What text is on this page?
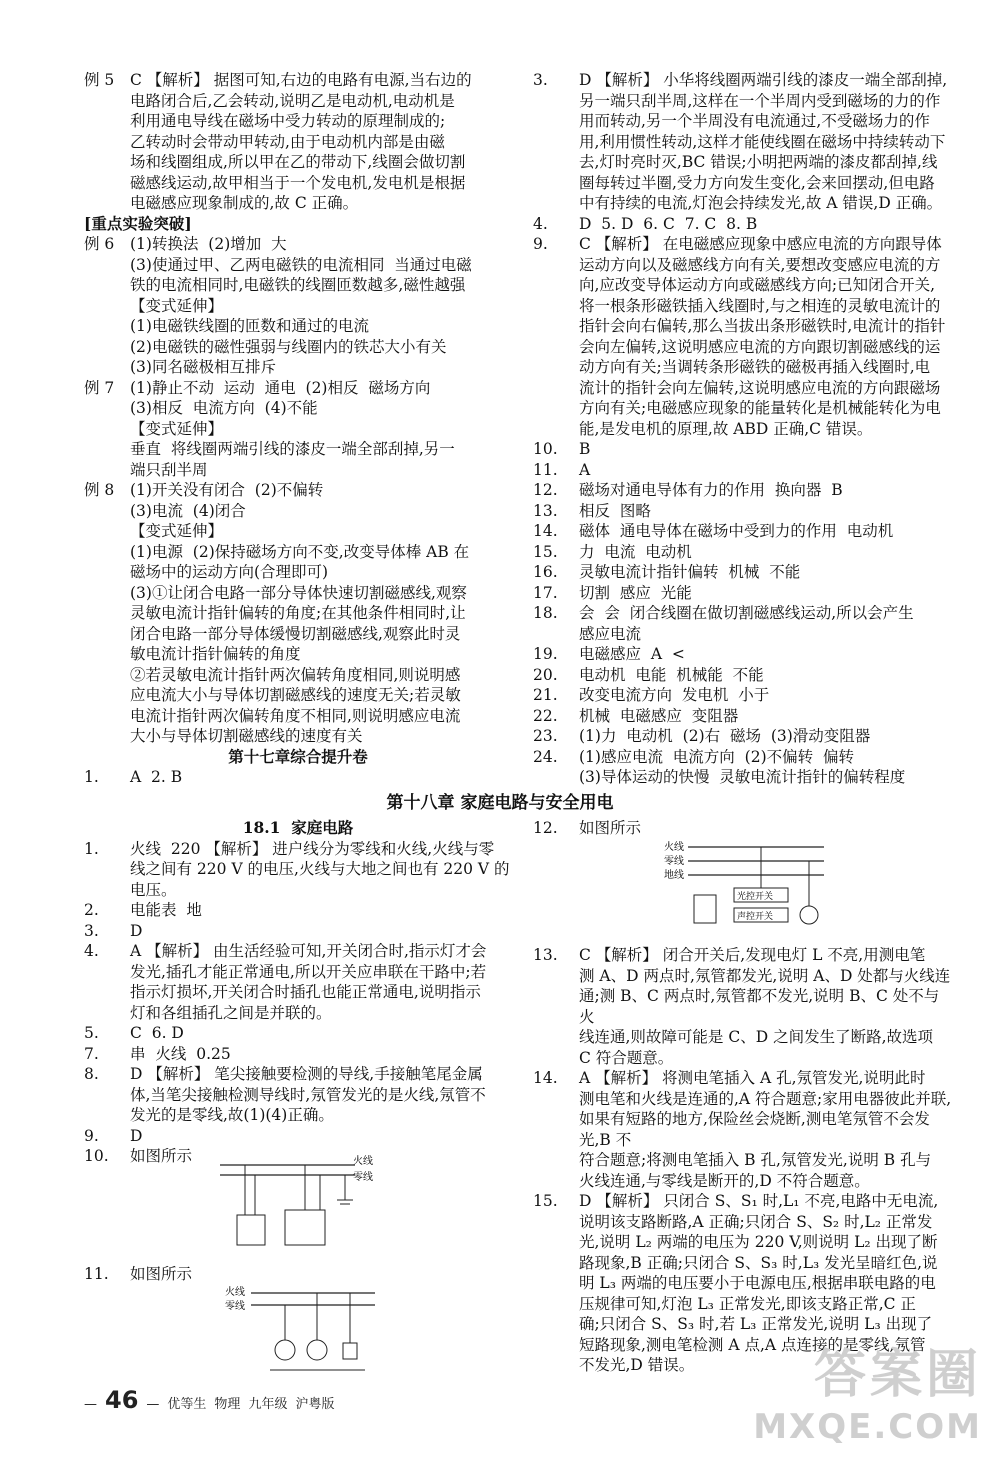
例 5	C 【解析】 据图可知,右边的电路有电源,当右边的
电路闭合后,乙会转动,说明乙是电动机,电动机是
利用通电导线在磁场中受力转动的原理制成的;
乙转动时会带动甲转动,由于电动机内部是由磁
场和线圈组成,所以甲在乙的带动下,线圈会做切割
磁感线运动,故甲相当于一个发电机,发电机是根据
电磁感应现象制成的,故 C 正确。
[重点实验突破]
例 6	(1)转换法  (2)增加  大
(3)使通过甲、乙两电磁铁的电流相同  当通过电磁
铁的电流相同时,电磁铁的线圈匝数越多,磁性越强
【变式延伸】
(1)电磁铁线圈的匝数和通过的电流
(2)电磁铁的磁性强弱与线圈内的铁芯大小有关
(3)同名磁极相互排斥
例 7	(1)静止不动  运动  通电  (2)相反  磁场方向
(3)相反  电流方向  (4)不能
【变式延伸】
垂直  将线圈两端引线的漆皮一端全部刮掉,另一
端只刮半周
例 8	(1)开关没有闭合  (2)不偏转
(3)电流  (4)闭合
【变式延伸】
(1)电源  (2)保持磁场方向不变,改变导体棒 AB 在
磁场中的运动方向(合理即可)
(3)①让闭合电路一部分导体快速切割磁感线,观察
灵敏电流计指针偏转的角度;在其他条件相同时,让
闭合电路一部分导体缓慢切割磁感线,观察此时灵
敏电流计指针偏转的角度
②若灵敏电流计指针两次偏转角度相同,则说明感
应电流大小与导体切割磁感线的速度无关;若灵敏
电流计指针两次偏转角度不相同,则说明感应电流
大小与导体切割磁感线的速度有关
第十七章综合提升卷
1.	A  2. B
3.	D 【解析】 小华将线圈两端引线的漆皮一端全部刮掉,
另一端只刮半周,这样在一个半周内受到磁场的力的作
用而转动,另一个半周没有电流通过,不受磁场力的作
用,利用惯性转动,这样才能使线圈在磁场中持续转动下
去,灯时亮时灭,BC 错误;小明把两端的漆皮都刮掉,线
圈每转过半圈,受力方向发生变化,会来回摆动,但电路
中有持续的电流,灯泡会持续发光,故 A 错误,D 正确。
4.	D  5. D  6. C  7. C  8. B
9.	C 【解析】 在电磁感应现象中感应电流的方向跟导体
运动方向以及磁感线方向有关,要想改变感应电流的方
向,应改变导体运动方向或磁感线方向;已知闭合开关,
将一根条形磁铁插入线圈时,与之相连的灵敏电流计的
指针会向右偏转,那么当拔出条形磁铁时,电流计的指针
会向左偏转,这说明感应电流的方向跟切割磁感线的运
动方向有关;当调转条形磁铁的磁极再插入线圈时,电
流计的指针会向左偏转,这说明感应电流的方向跟磁场
方向有关;电磁感应现象的能量转化是机械能转化为电
能,是发电机的原理,故 ABD 正确,C 错误。
10.	B
11.	A
12.	磁场对通电导体有力的作用  换向器  B
13.	相反  图略
14.	磁体  通电导体在磁场中受到力的作用  电动机
15.	力  电流  电动机
16.	灵敏电流计指针偏转  机械  不能
17.	切割  感应  光能
18.	会  会  闭合线圈在做切割磁感线运动,所以会产生
感应电流
19.	电磁感应  A  <
20.	电动机  电能  机械能  不能
21.	改变电流方向  发电机  小于
22.	机械  电磁感应  变阻器
23.	(1)力  电动机  (2)右  磁场  (3)滑动变阻器
24.	(1)感应电流  电流方向  (2)不偏转  偏转
(3)导体运动的快慢  灵敏电流计指针的偏转程度
第十八章 家庭电路与安全用电
18.1  家庭电路
1.	火线  220 【解析】 进户线分为零线和火线,火线与零
线之间有 220 V 的电压,火线与大地之间也有 220 V 的
电压。
2.	电能表  地
3.	D
4.	A 【解析】 由生活经验可知,开关闭合时,指示灯才会
发光,插孔才能正常通电,所以开关应串联在干路中;若
指示灯损坏,开关闭合时插孔也能正常通电,说明指示
灯和各组插孔之间是并联的。
5.	C  6. D
7.	串  火线  0.25
8.	D 【解析】 笔尖接触要检测的导线,手接触笔尾金属
体,当笔尖接触检测导线时,氖管发光的是火线,氖管不
发光的是零线,故(1)(4)正确。
9.	D
10.	如图所示	火线
零线
11.	如图所示
火线
零线
12.	如图所示
火线
零线
地线
光控开关
声控开关
13.	C 【解析】 闭合开关后,发现电灯 L 不亮,用测电笔
测 A、D 两点时,氖管都发光,说明 A、D 处都与火线连
通;测 B、C 两点时,氖管都不发光,说明 B、C 处不与火
线连通,则故障可能是 C、D 之间发生了断路,故选项
C 符合题意。
14.	A 【解析】 将测电笔插入 A 孔,氖管发光,说明此时
测电笔和火线是连通的,A 符合题意;家用电器彼此并联,如果有短路的地方,保险丝会烧断,测电笔氖管不会发光,B 不
符合题意;将测电笔插入 B 孔,氖管发光,说明 B 孔与
火线连通,与零线是断开的,D 不符合题意。
15.	D 【解析】 只闭合 S、S₁ 时,L₁ 不亮,电路中无电流,
说明该支路断路,A 正确;只闭合 S、S₂ 时,L₂ 正常发
光,说明 L₂ 两端的电压为 220 V,则说明 L₂ 出现了断
路现象,B 正确;只闭合 S、S₃ 时,L₃ 发光呈暗红色,说
明 L₃ 两端的电压要小于电源电压,根据串联电路的电
压规律可知,灯泡 L₃ 正常发光,即该支路正常,C 正
确;只闭合 S、S₃ 时,若 L₃ 正常发光,说明 L₃ 出现了
短路现象,测电笔检测 A 点,A 点连接的是零线,氖管
不发光,D 错误。
— 46 — 优等生 物理 九年级 沪粤版	答案圈
MXQE.COM
